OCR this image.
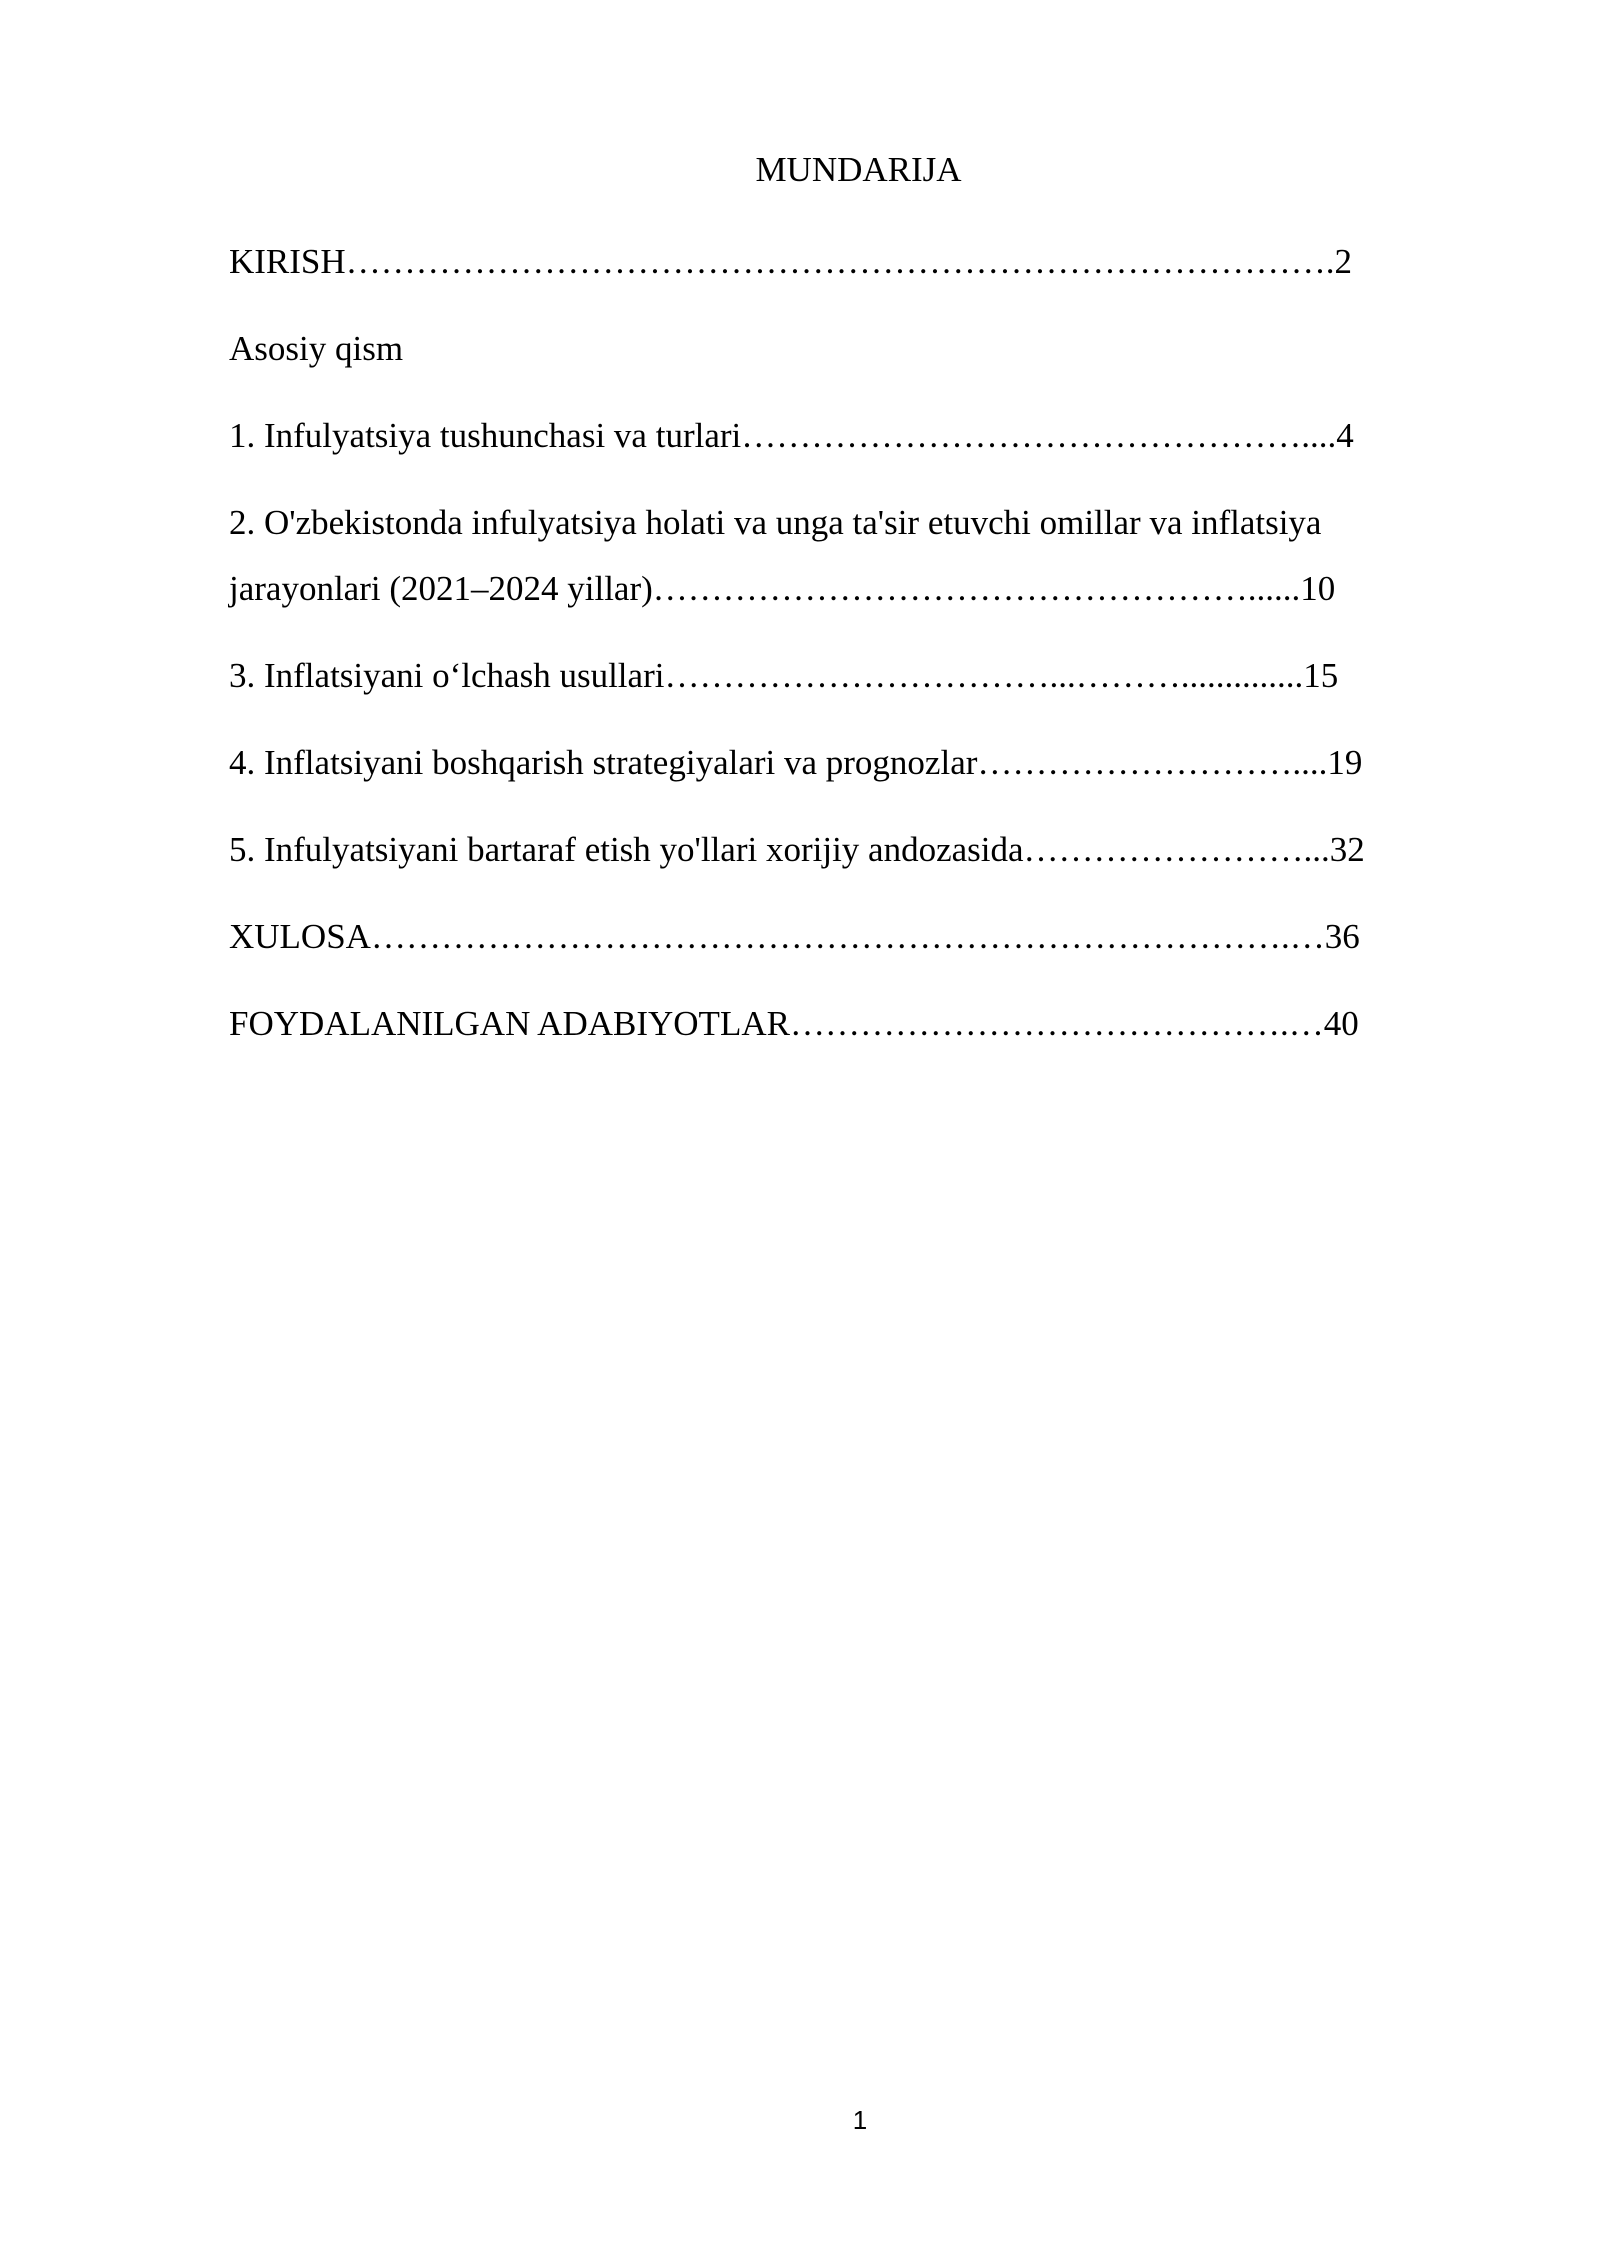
MUNDARIJA

KIRISH………………………………………………………………………….2

Asosiy qism

1. Infulyatsiya tushunchasi va turlari…………………………………………....4

2. O'zbekistonda infulyatsiya holati va unga ta'sir etuvchi omillar va inflatsiya
jarayonlari (2021–2024 yillar)……………………………………………......10

3. Inflatsiyani o‘lchash usullari……………………………...………..............15

4. Inflatsiyani boshqarish strategiyalari va prognozlar………………………....19

5. Infulyatsiyani bartaraf etish yo'llari xorijiy andozasida……………………...32

XULOSA…………………………………………………………………….…36

FOYDALANILGAN ADABIYOTLAR…………………………………….…40

1
